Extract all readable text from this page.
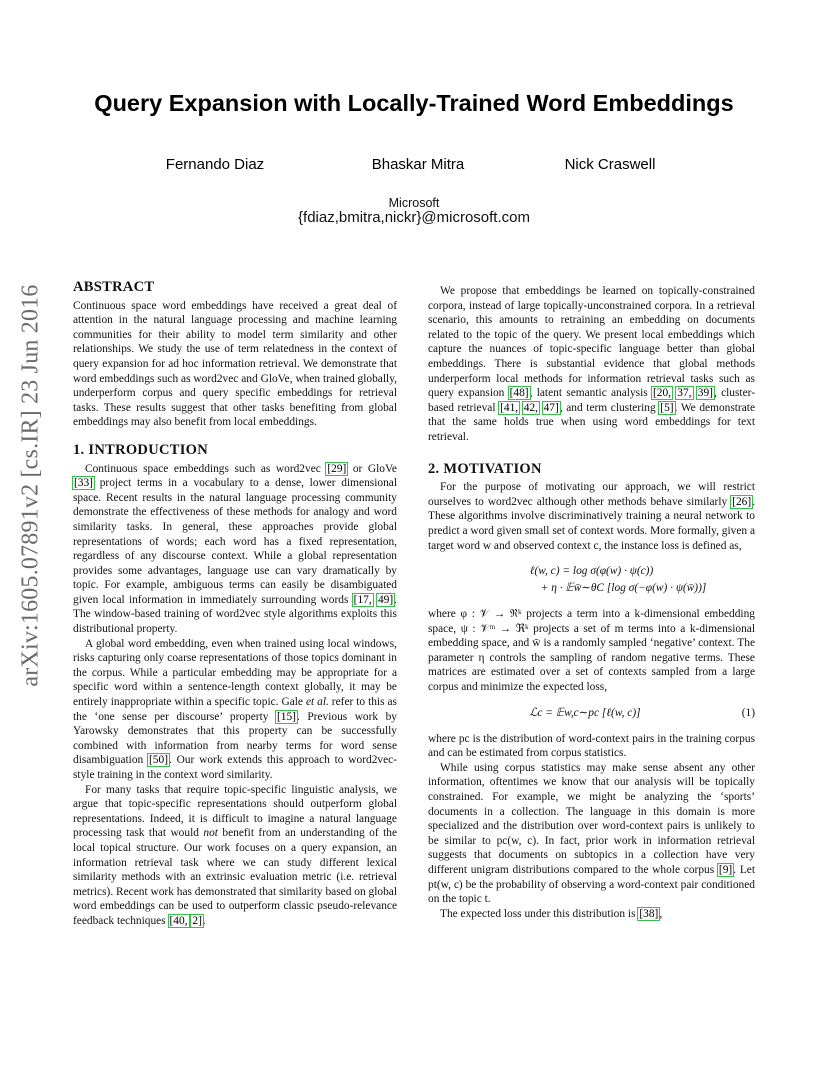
arXiv:1605.07891v2 [cs.IR] 23 Jun 2016
Query Expansion with Locally-Trained Word Embeddings
Fernando Diaz	Bhaskar Mitra	Nick Craswell
Microsoft
{fdiaz,bmitra,nickr}@microsoft.com
ABSTRACT

Continuous space word embeddings have received a great deal of attention in the natural language processing and machine learning communities for their ability to model term similarity and other relationships. We study the use of term relatedness in the context of query expansion for ad hoc information retrieval. We demonstrate that word embeddings such as word2vec and GloVe, when trained globally, underperform corpus and query specific embeddings for retrieval tasks. These results suggest that other tasks benefiting from global embeddings may also benefit from local embeddings.

1. INTRODUCTION

Continuous space embeddings such as word2vec [29] or GloVe [33] project terms in a vocabulary to a dense, lower dimensional space. Recent results in the natural language processing community demonstrate the effectiveness of these methods for analogy and word similarity tasks. In general, these approaches provide global representations of words; each word has a fixed representation, regardless of any discourse context. While a global representation provides some advantages, language use can vary dramatically by topic. For example, ambiguous terms can easily be disambiguated given local information in immediately surrounding words [17, 49]. The window-based training of word2vec style algorithms exploits this distributional property.

A global word embedding, even when trained using local windows, risks capturing only coarse representations of those topics dominant in the corpus. While a particular embedding may be appropriate for a specific word within a sentence-length context globally, it may be entirely inappropriate within a specific topic. Gale et al. refer to this as the ‘one sense per discourse’ property [15]. Previous work by Yarowsky demonstrates that this property can be successfully combined with information from nearby terms for word sense disambiguation [50]. Our work extends this approach to word2vec-style training in the context word similarity.

For many tasks that require topic-specific linguistic analysis, we argue that topic-specific representations should outperform global representations. Indeed, it is difficult to imagine a natural language processing task that would not benefit from an understanding of the local topical structure. Our work focuses on a query expansion, an information retrieval task where we can study different lexical similarity methods with an extrinsic evaluation metric (i.e. retrieval metrics). Recent work has demonstrated that similarity based on global word embeddings can be used to outperform classic pseudo-relevance feedback techniques [40, 2].

We propose that embeddings be learned on topically-constrained corpora, instead of large topically-unconstrained corpora. In a retrieval scenario, this amounts to retraining an embedding on documents related to the topic of the query. We present local embeddings which capture the nuances of topic-specific language better than global embeddings. There is substantial evidence that global methods underperform local methods for information retrieval tasks such as query expansion [48], latent semantic analysis [20, 37, 39], cluster-based retrieval [41, 42, 47], and term clustering [5]. We demonstrate that the same holds true when using word embeddings for text retrieval.

2. MOTIVATION

For the purpose of motivating our approach, we will restrict ourselves to word2vec although other methods behave similarly [26]. These algorithms involve discriminatively training a neural network to predict a word given small set of context words. More formally, given a target word w and observed context c, the instance loss is defined as,

ℓ(w, c) = log σ(φ(w) · ψ(c))
+ η · 𝔼w̄∼θC [log σ(−φ(w) · ψ(w̄))]

where φ : 𝒱 → ℜᵏ projects a term into a k-dimensional embedding space, ψ : 𝒱ᵐ → ℜᵏ projects a set of m terms into a k-dimensional embedding space, and w̄ is a randomly sampled ‘negative’ context. The parameter η controls the sampling of random negative terms. These matrices are estimated over a set of contexts sampled from a large corpus and minimize the expected loss,

(1)
ℒc = 𝔼w,c∼pc [ℓ(w, c)]

where pc is the distribution of word-context pairs in the training corpus and can be estimated from corpus statistics.

While using corpus statistics may make sense absent any other information, oftentimes we know that our analysis will be topically constrained. For example, we might be analyzing the ‘sports’ documents in a collection. The language in this domain is more specialized and the distribution over word-context pairs is unlikely to be similar to pc(w, c). In fact, prior work in information retrieval suggests that documents on subtopics in a collection have very different unigram distributions compared to the whole corpus [9]. Let pt(w, c) be the probability of observing a word-context pair conditioned on the topic t.

The expected loss under this distribution is [38],
